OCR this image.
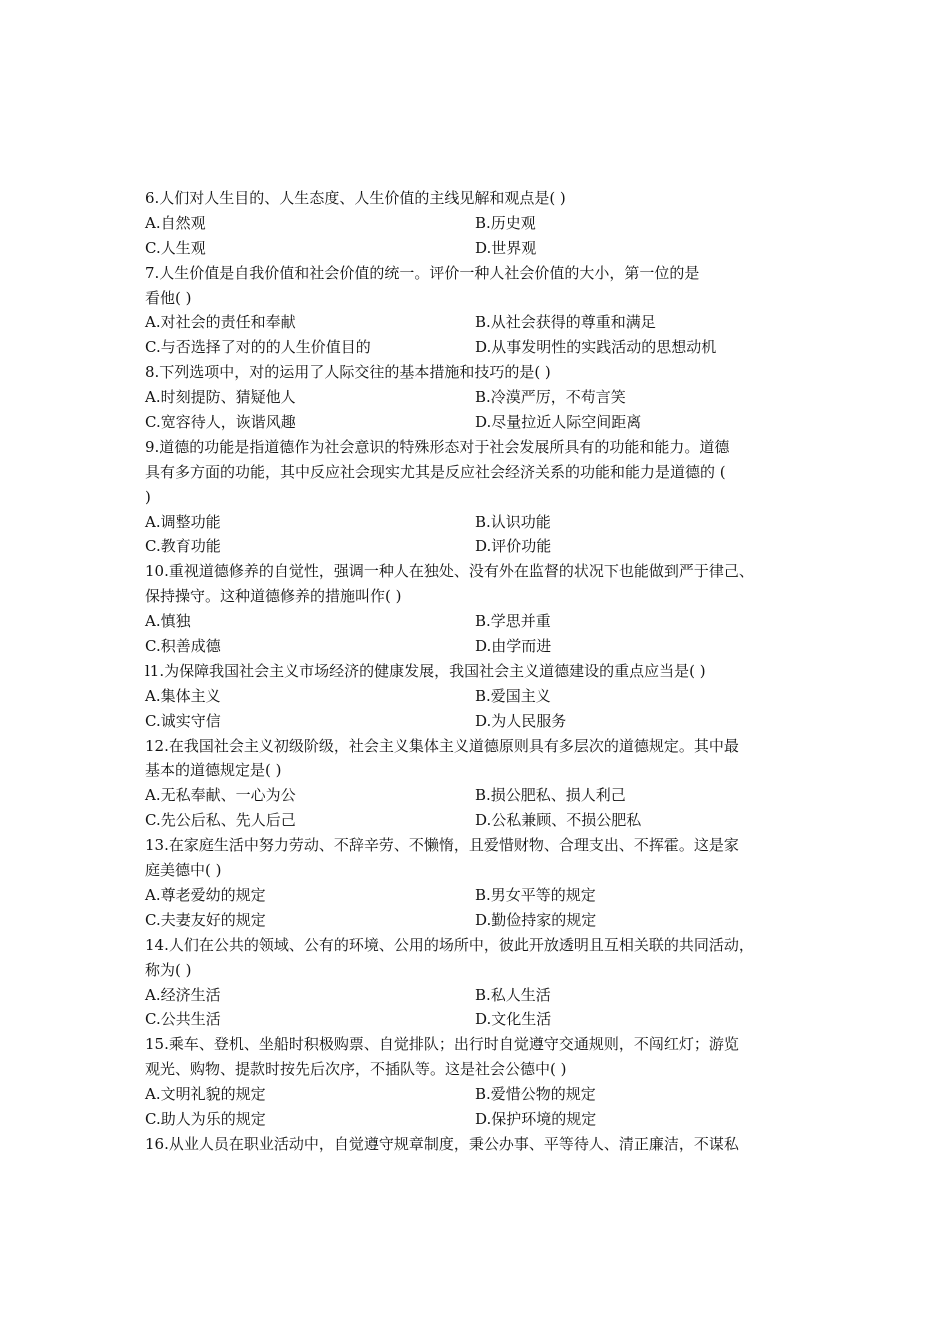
6.人们对人生目的、人生态度、人生价值的主线见解和观点是( )
A.自然观	B.历史观
C.人生观	D.世界观
7.人生价值是自我价值和社会价值的统一。评价一种人社会价值的大小，第一位的是
看他( )
A.对社会的责任和奉献	B.从社会获得的尊重和满足
C.与否选择了对的的人生价值目的	D.从事发明性的实践活动的思想动机
8.下列选项中，对的运用了人际交往的基本措施和技巧的是( )
A.时刻提防、猜疑他人	B.冷漠严厉，不苟言笑
C.宽容待人，诙谐风趣	D.尽量拉近人际空间距离
9.道德的功能是指道德作为社会意识的特殊形态对于社会发展所具有的功能和能力。道德
具有多方面的功能，其中反应社会现实尤其是反应社会经济关系的功能和能力是道德的 (
)
A.调整功能	B.认识功能
C.教育功能	D.评价功能
10.重视道德修养的自觉性，强调一种人在独处、没有外在监督的状况下也能做到严于律己、
保持操守。这种道德修养的措施叫作( )
A.慎独	B.学思并重
C.积善成德	D.由学而进
l1.为保障我国社会主义市场经济的健康发展，我国社会主义道德建设的重点应当是( )
A.集体主义	B.爱国主义
C.诚实守信	D.为人民服务
12.在我国社会主义初级阶级，社会主义集体主义道德原则具有多层次的道德规定。其中最
基本的道德规定是( )
A.无私奉献、一心为公	B.损公肥私、损人利己
C.先公后私、先人后己	D.公私兼顾、不损公肥私
13.在家庭生活中努力劳动、不辞辛劳、不懒惰，且爱惜财物、合理支出、不挥霍。这是家
庭美德中( )
A.尊老爱幼的规定	B.男女平等的规定
C.夫妻友好的规定	D.勤俭持家的规定
14.人们在公共的领域、公有的环境、公用的场所中，彼此开放透明且互相关联的共同活动，
称为( )
A.经济生活	B.私人生活
C.公共生活	D.文化生活
15.乘车、登机、坐船时积极购票、自觉排队；出行时自觉遵守交通规则，不闯红灯；游览
观光、购物、提款时按先后次序，不插队等。这是社会公德中( )
A.文明礼貌的规定	B.爱惜公物的规定
C.助人为乐的规定	D.保护环境的规定
16.从业人员在职业活动中，自觉遵守规章制度，秉公办事、平等待人、清正廉洁，不谋私
